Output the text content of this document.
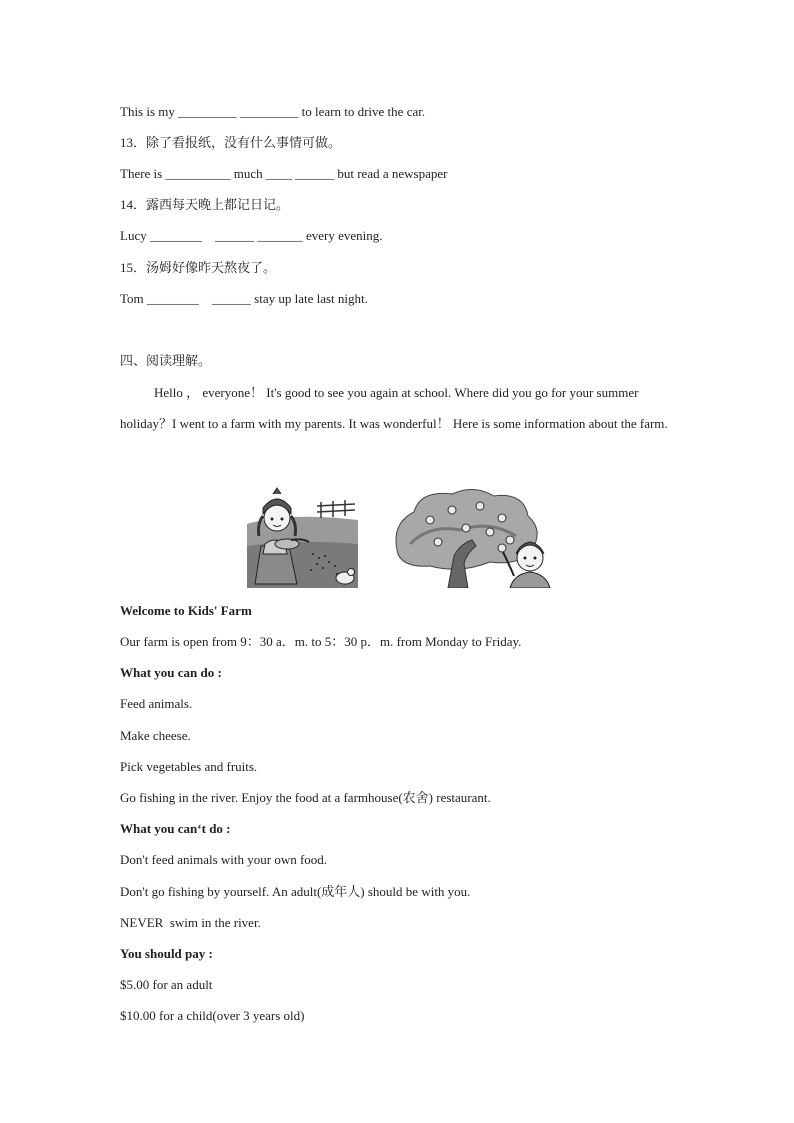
This is my _________ _________ to learn to drive the car.
13．除了看报纸，没有什么事情可做。
There is __________ much ____ ______ but read a newspaper
14．露西每天晚上都记日记。
Lucy ________    ______ _______ every evening.
15．汤姆好像昨天熬夜了。
Tom ________    ______ stay up late last night.
四、阅读理解。
Hello ， everyone！ It's good to see you again at school. Where did you go for your summer holiday？I went to a farm with my parents. It was wonderful！ Here is some information about the farm.
Welcome to Kids' Farm
Our farm is open from 9：30 a．m. to 5：30 p．m. from Monday to Friday.
What you can do :
Feed animals.
Make cheese.
Pick vegetables and fruits.
Go fishing in the river. Enjoy the food at a farmhouse(农舍) restaurant.
What you can‘t do :
Don't feed animals with your own food.
Don't go fishing by yourself. An adult(成年人) should be with you.
NEVER  swim in the river.
You should pay :
$5.00 for an adult
$10.00 for a child(over 3 years old)
